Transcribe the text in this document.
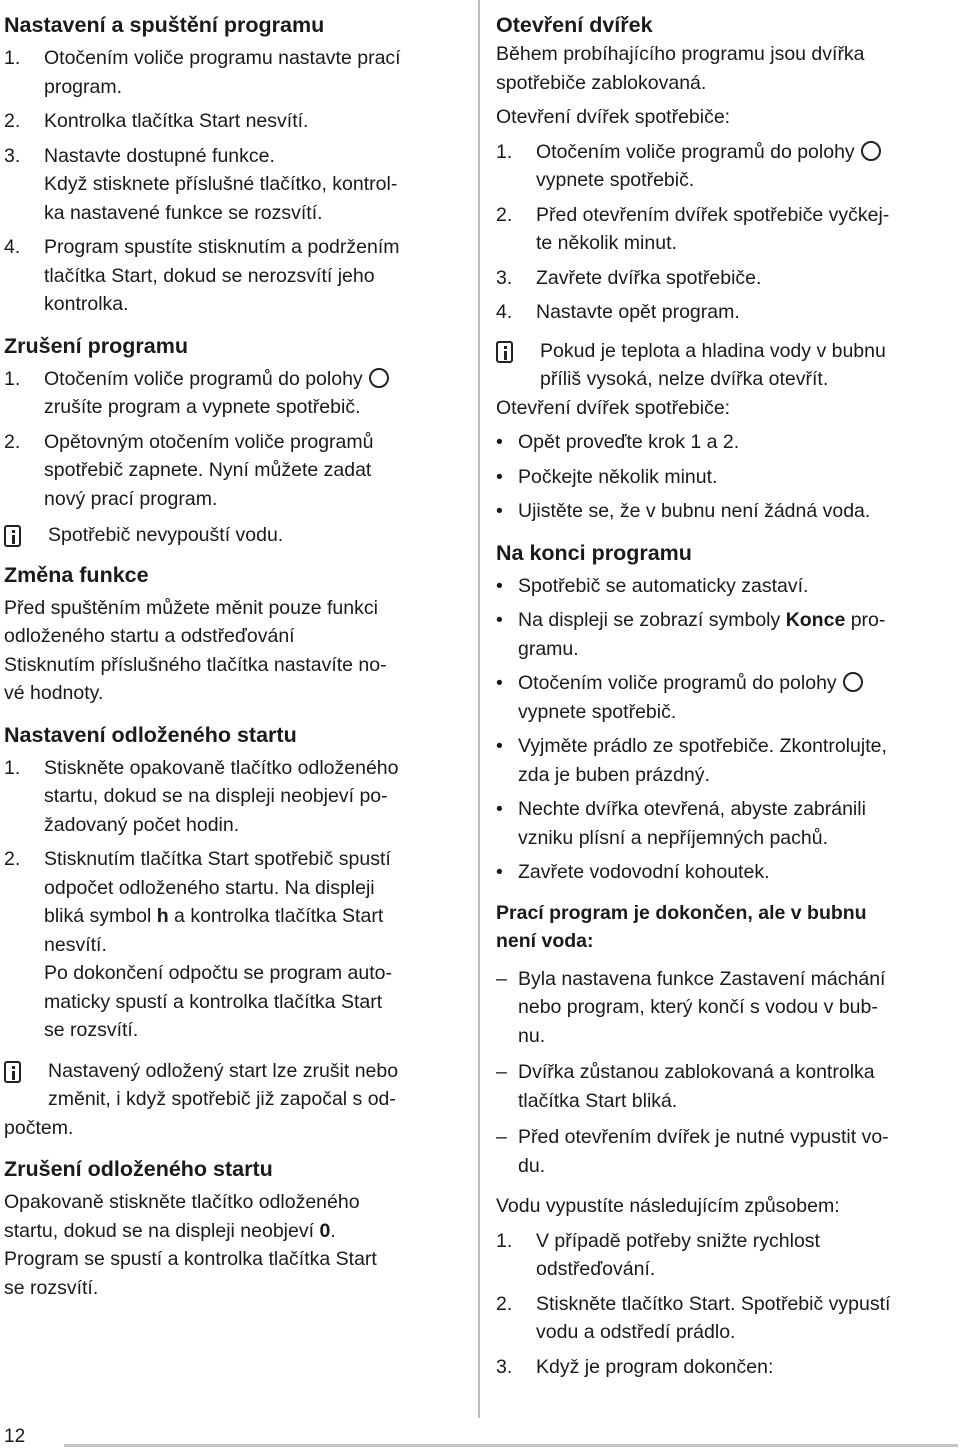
12
Nastavení a spuštění programu
1. Otočením voliče programu nastavte prací
program.
2. Kontrolka tlačítka Start nesvítí.
3. Nastavte dostupné funkce.
Když stisknete příslušné tlačítko, kontrol-
ka nastavené funkce se rozsvítí.
4. Program spustíte stisknutím a podržením
tlačítka Start, dokud se nerozsvítí jeho
kontrolka.
Zrušení programu
1. Otočením voliče programů do polohy
zrušíte program a vypnete spotřebič.
2. Opětovným otočením voliče programů
spotřebič zapnete. Nyní můžete zadat
nový prací program.
Spotřebič nevypouští vodu.
Změna funkce

Před spuštěním můžete měnit pouze funkci
odloženého startu a odstřeďování
Stisknutím příslušného tlačítka nastavíte no-
vé hodnoty.

Nastavení odloženého startu
1. Stiskněte opakovaně tlačítko odloženého
startu, dokud se na displeji neobjeví po-
žadovaný počet hodin.
2. Stisknutím tlačítka Start spotřebič spustí
odpočet odloženého startu. Na displeji
bliká symbol h a kontrolka tlačítka Start
nesvítí.
Po dokončení odpočtu se program auto-
maticky spustí a kontrolka tlačítka Start
se rozsvítí.
Nastavený odložený start lze zrušit nebo
změnit, i když spotřebič již započal s od-
počtem.
Zrušení odloženého startu

Opakovaně stiskněte tlačítko odloženého
startu, dokud se na displeji neobjeví 0.
Program se spustí a kontrolka tlačítka Start
se rozsvítí.

Otevření dvířek

Během probíhajícího programu jsou dvířka
spotřebiče zablokovaná.

Otevření dvířek spotřebiče:

1. Otočením voliče programů do polohy
vypnete spotřebič.
2. Před otevřením dvířek spotřebiče vyčkej-
te několik minut.
3. Zavřete dvířka spotřebiče.
4. Nastavte opět program.
Pokud je teplota a hladina vody v bubnu
příliš vysoká, nelze dvířka otevřít.

Otevření dvířek spotřebiče:

• Opět proveďte krok 1 a 2.
• Počkejte několik minut.
• Ujistěte se, že v bubnu není žádná voda.
Na konci programu
• Spotřebič se automaticky zastaví.
• Na displeji se zobrazí symboly Konce pro-
gramu.
• Otočením voliče programů do polohy
vypnete spotřebič.
• Vyjměte prádlo ze spotřebiče. Zkontrolujte,
zda je buben prázdný.
• Nechte dvířka otevřená, abyste zabránili
vzniku plísní a nepříjemných pachů.
• Zavřete vodovodní kohoutek.
Prací program je dokončen, ale v bubnu
není voda:
– Byla nastavena funkce Zastavení máchání
nebo program, který končí s vodou v bub-
nu.
– Dvířka zůstanou zablokovaná a kontrolka
tlačítka Start bliká.
– Před otevřením dvířek je nutné vypustit vo-
du.

Vodu vypustíte následujícím způsobem:

1. V případě potřeby snižte rychlost
odstřeďování.
2. Stiskněte tlačítko Start. Spotřebič vypustí
vodu a odstředí prádlo.
3. Když je program dokončen:
